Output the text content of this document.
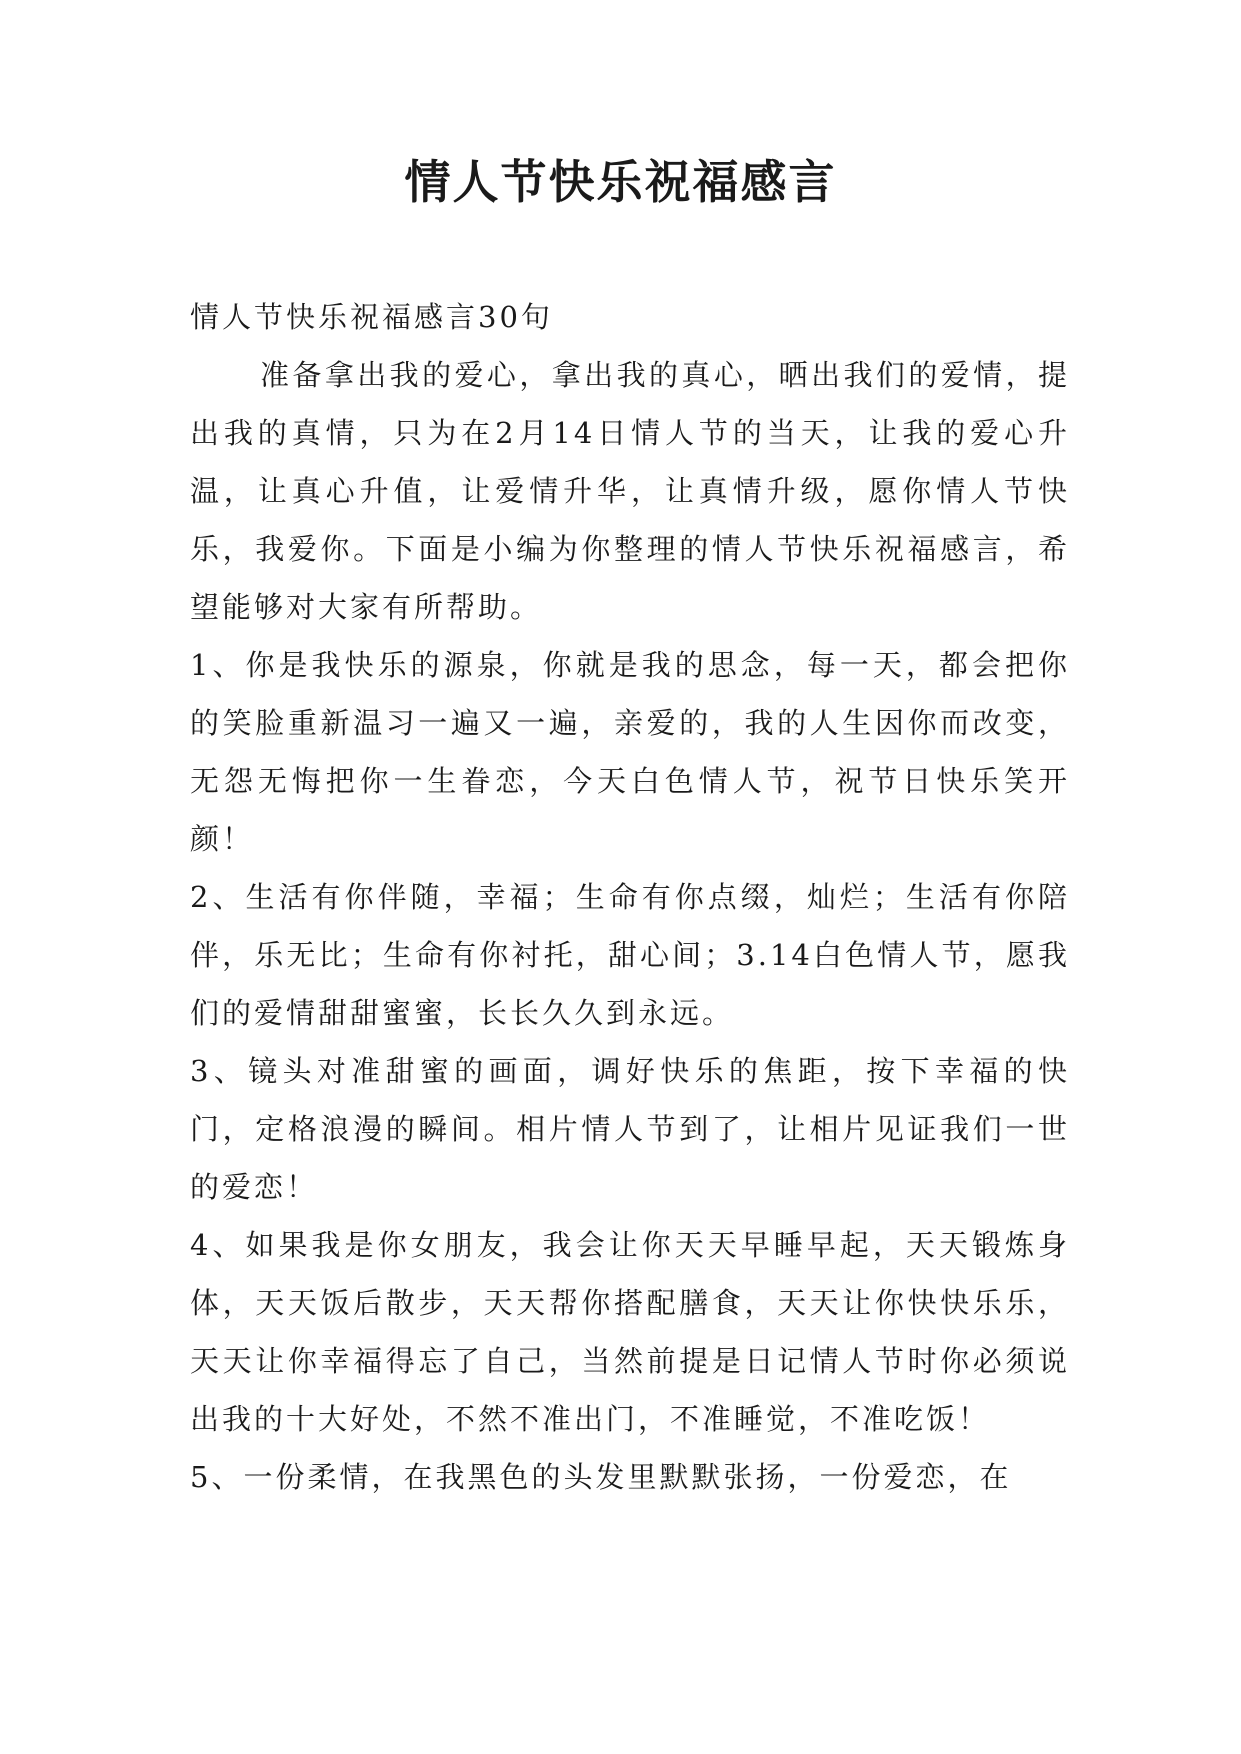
情人节快乐祝福感言

情人节快乐祝福感言30句

准备拿出我的爱心，拿出我的真心，晒出我们的爱情，提出我的真情，只为在2月14日情人节的当天，让我的爱心升温，让真心升值，让爱情升华，让真情升级，愿你情人节快乐，我爱你。下面是小编为你整理的情人节快乐祝福感言，希望能够对大家有所帮助。

1、你是我快乐的源泉，你就是我的思念，每一天，都会把你的笑脸重新温习一遍又一遍，亲爱的，我的人生因你而改变，无怨无悔把你一生眷恋，今天白色情人节，祝节日快乐笑开颜！

2、生活有你伴随，幸福；生命有你点缀，灿烂；生活有你陪伴，乐无比；生命有你衬托，甜心间；3.14白色情人节，愿我们的爱情甜甜蜜蜜，长长久久到永远。

3、镜头对准甜蜜的画面，调好快乐的焦距，按下幸福的快门，定格浪漫的瞬间。相片情人节到了，让相片见证我们一世的爱恋！

4、如果我是你女朋友，我会让你天天早睡早起，天天锻炼身体，天天饭后散步，天天帮你搭配膳食，天天让你快快乐乐，天天让你幸福得忘了自己，当然前提是日记情人节时你必须说出我的十大好处，不然不准出门，不准睡觉，不准吃饭！

5、一份柔情，在我黑色的头发里默默张扬，一份爱恋，在
